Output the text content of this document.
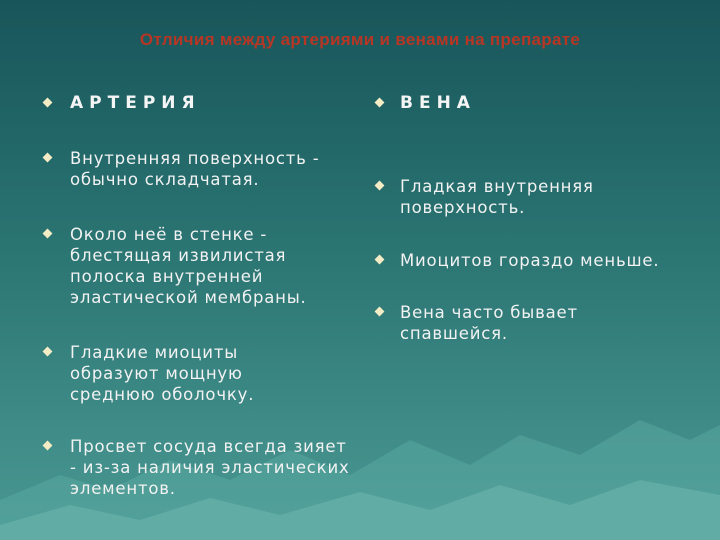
Отличия между артериями и венами на препарате
АРТЕРИЯ
Внутренняя поверхность - обычно складчатая.
Около неё в стенке - блестящая извилистая полоска внутренней эластической мембраны.
Гладкие миоциты образуют мощную среднюю оболочку.
Просвет сосуда всегда зияет - из-за наличия эластических элементов.
ВЕНА
Гладкая внутренняя поверхность.
Миоцитов гораздо меньше.
Вена часто бывает спавшейся.
